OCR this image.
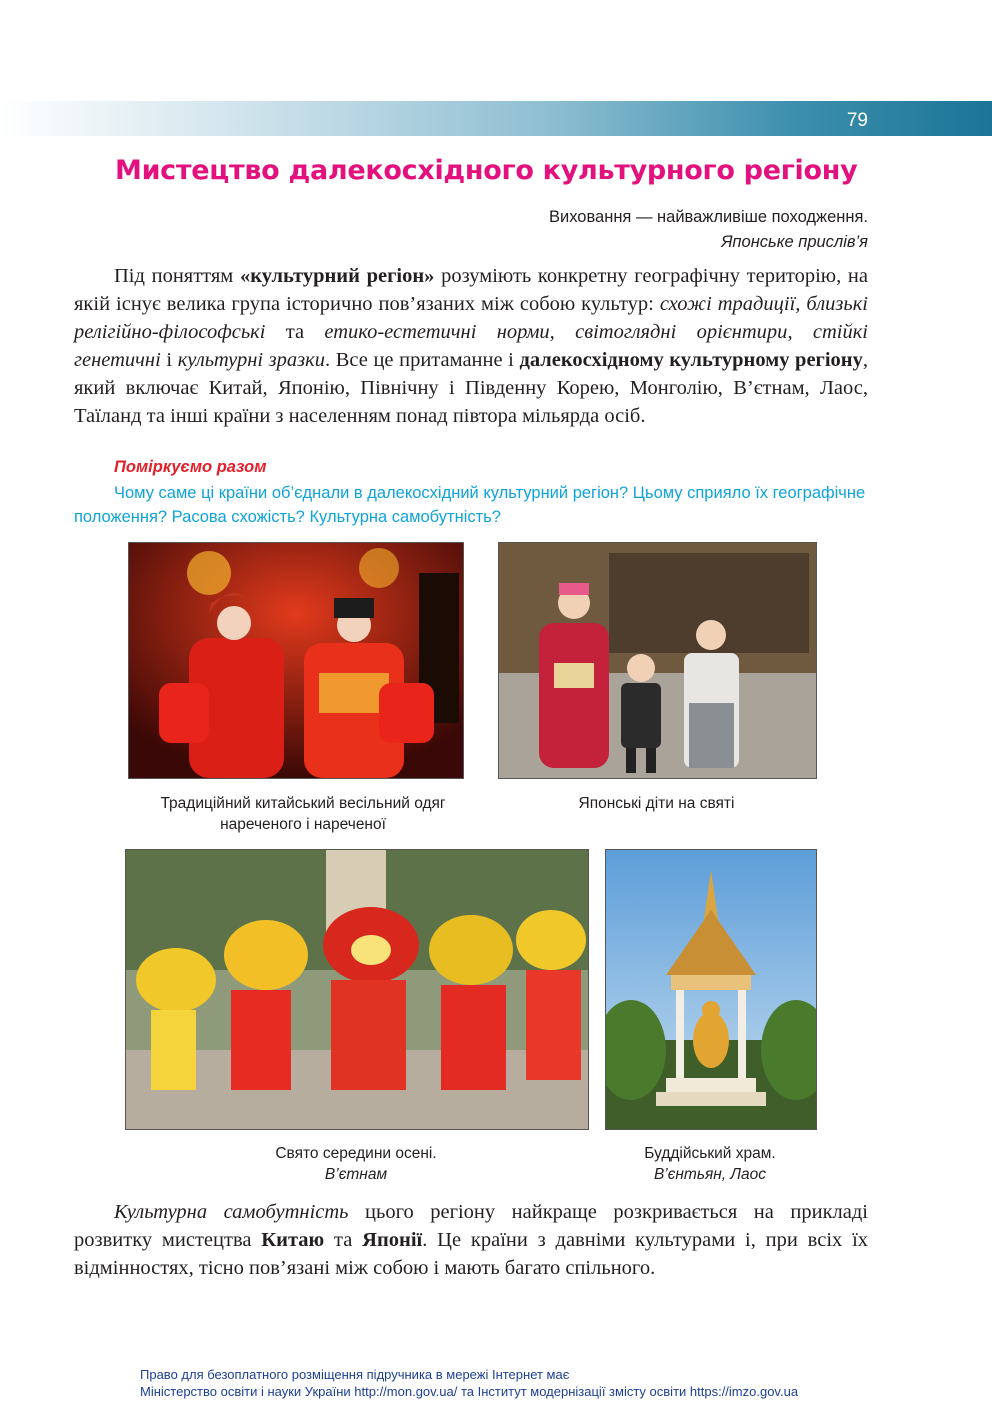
79
Мистецтво далекосхідного культурного регіону
Виховання — найважливіше походження.
Японське прислів’я

Під поняттям «культурний регіон» розуміють конкретну географічну територію, на якій існує велика група історично пов’язаних між собою культур: схожі традиції, близькі релігійно-філософські та етико-естетичні норми, світоглядні орієнтири, стійкі генетичні і культурні зразки. Все це притаманне і далекосхідному культурному регіону, який включає Китай, Японію, Північну і Південну Корею, Монголію, В’єтнам, Лаос, Таїланд та інші країни з населенням понад півтора мільярда осіб.

Поміркуємо разом

Чому саме ці країни об’єднали в далекосхідний культурний регіон? Цьому сприяло їх географічне положення? Расова схожість? Культурна самобутність?

Традиційний китайський весільний одяг нареченого і нареченої
Японські діти на святі
Свято середини осені.
В’єтнам
Буддійський храм.
В’єнтьян, Лаос

Культурна самобутність цього регіону найкраще розкривається на прикладі розвитку мистецтва Китаю та Японії. Це країни з давніми культурами і, при всіх їх відмінностях, тісно пов’язані між собою і мають багато спільного.

Право для безоплатного розміщення підручника в мережі Інтернет має
Міністерство освіти і науки України http://mon.gov.ua/ та Інститут модернізації змісту освіти https://imzo.gov.ua
